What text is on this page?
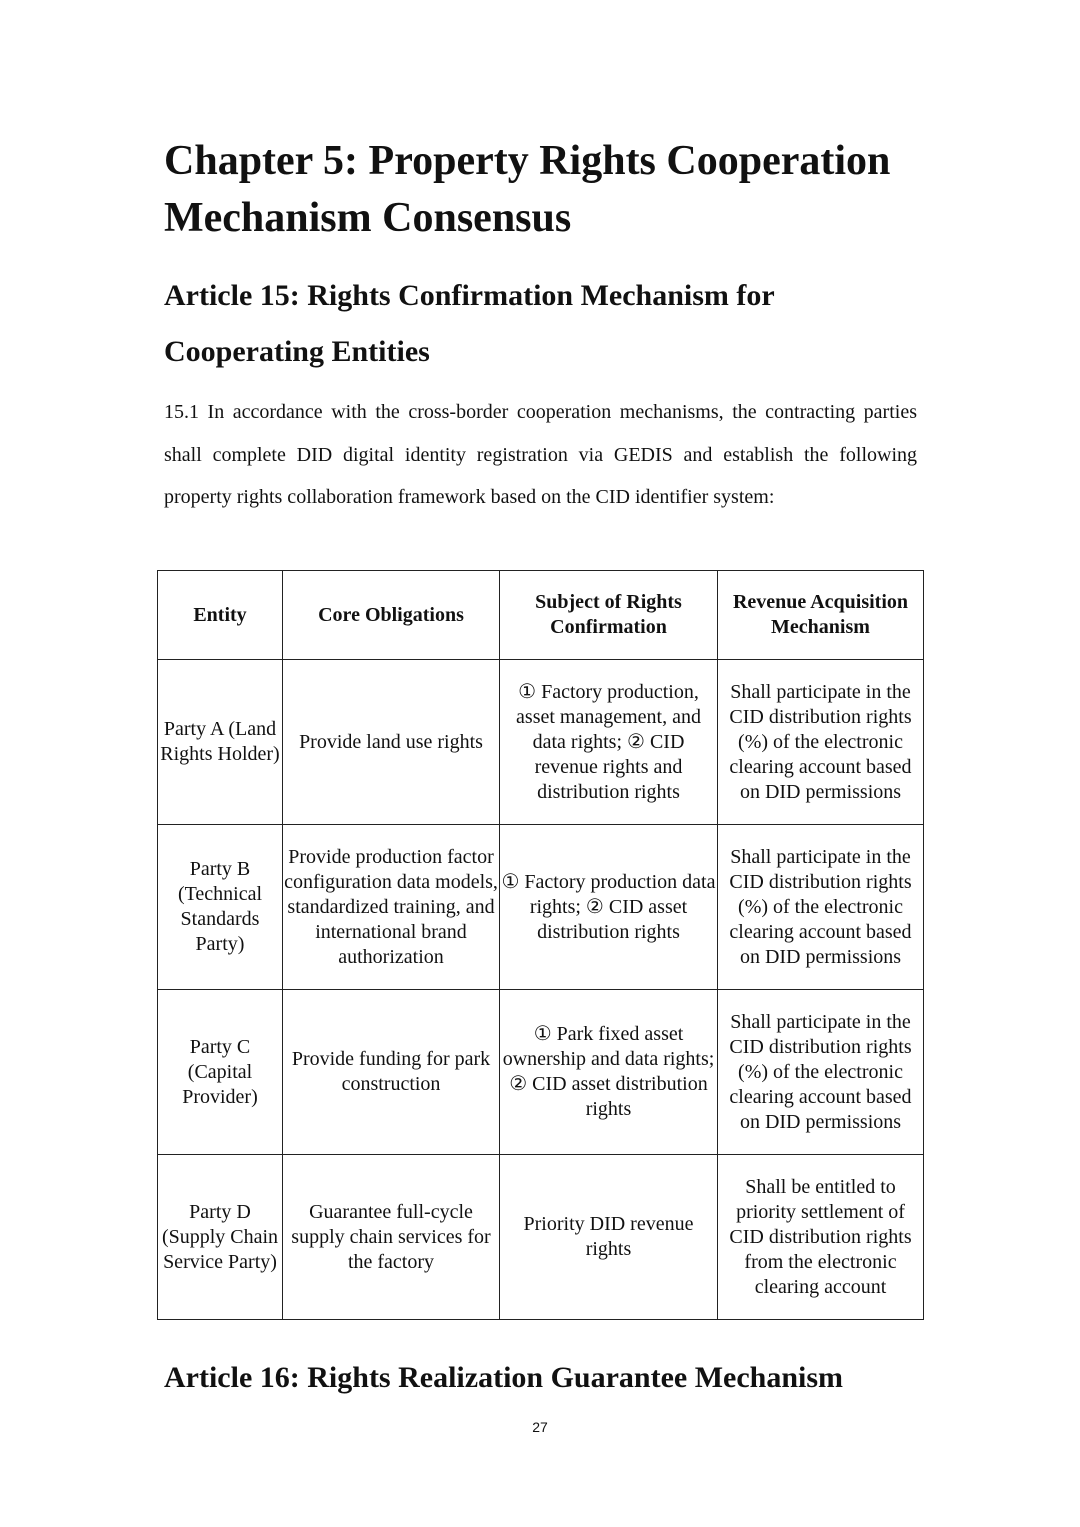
Chapter 5: Property Rights Cooperation Mechanism Consensus
Article 15: Rights Confirmation Mechanism for Cooperating Entities

15.1 In accordance with the cross-border cooperation mechanisms, the contracting parties shall complete DID digital identity registration via GEDIS and establish the following property rights collaboration framework based on the CID identifier system:

Entity	Core Obligations	Subject of Rights Confirmation	Revenue Acquisition Mechanism
Party A (Land Rights Holder)	Provide land use rights	① Factory production, asset management, and data rights; ② CID revenue rights and distribution rights	Shall participate in the CID distribution rights (%) of the electronic clearing account based on DID permissions
Party B (Technical Standards Party)	Provide production factor configuration data models, standardized training, and international brand authorization	① Factory production data rights; ② CID asset distribution rights	Shall participate in the CID distribution rights (%) of the electronic clearing account based on DID permissions
Party C (Capital Provider)	Provide funding for park construction	① Park fixed asset ownership and data rights; ② CID asset distribution rights	Shall participate in the CID distribution rights (%) of the electronic clearing account based on DID permissions
Party D (Supply Chain Service Party)	Guarantee full-cycle supply chain services for the factory	Priority DID revenue rights	Shall be entitled to priority settlement of CID distribution rights from the electronic clearing account
Article 16: Rights Realization Guarantee Mechanism
27
